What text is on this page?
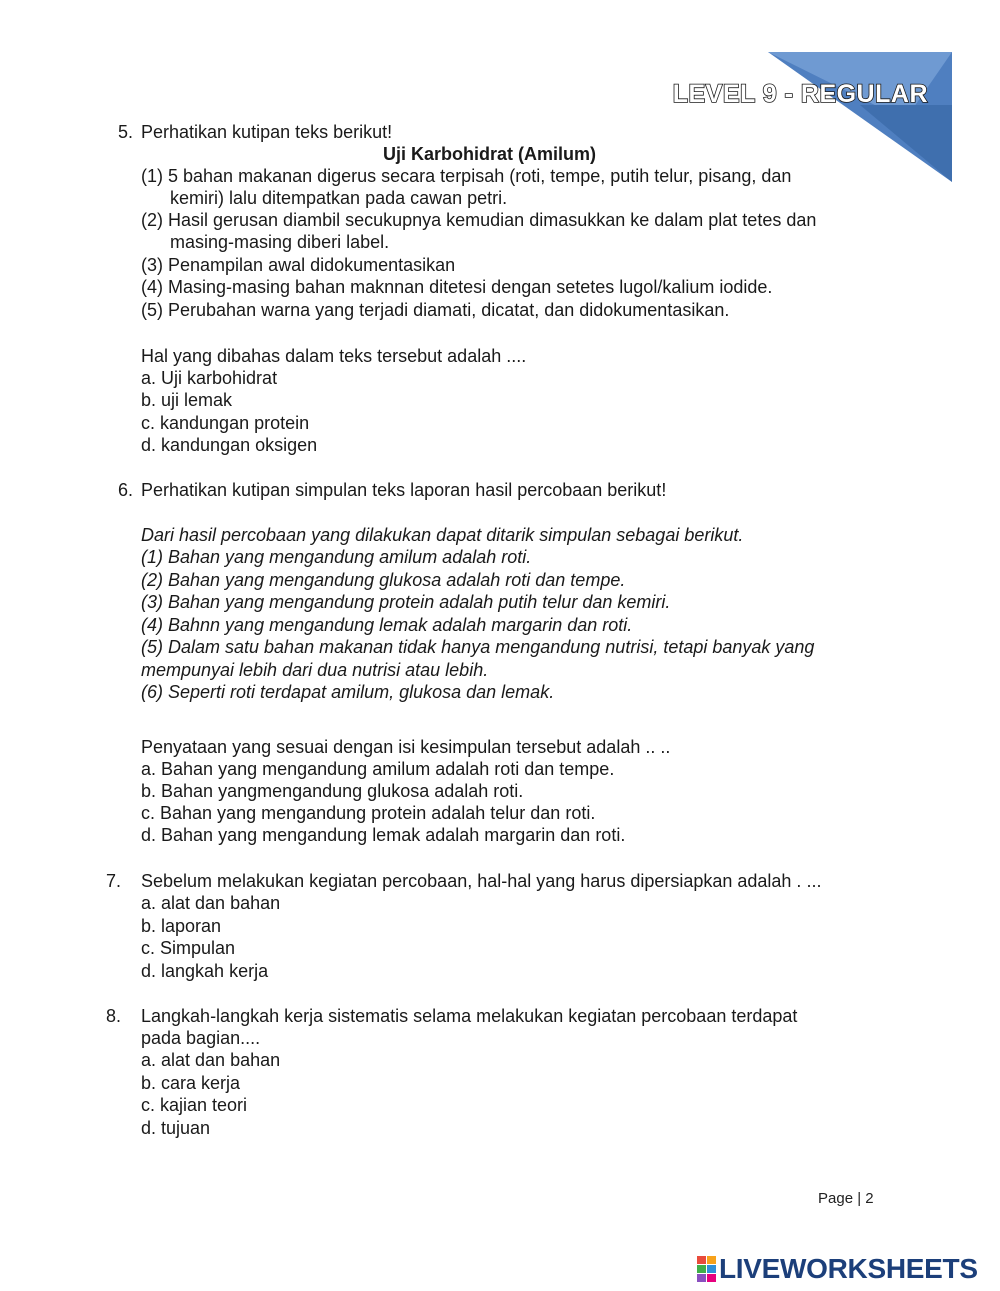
LEVEL 9 - REGULAR
5. Perhatikan kutipan teks berikut!
Uji Karbohidrat (Amilum)
(1) 5 bahan makanan digerus secara terpisah (roti, tempe, putih telur, pisang, dan
kemiri) lalu ditempatkan pada cawan petri.
(2) Hasil gerusan diambil secukupnya kemudian dimasukkan ke dalam plat tetes dan
masing-masing diberi label.
(3) Penampilan awal didokumentasikan
(4) Masing-masing bahan maknnan ditetesi dengan setetes lugol/kalium iodide.
(5) Perubahan warna yang terjadi diamati, dicatat, dan didokumentasikan.
Hal yang dibahas dalam teks tersebut adalah ....
a. Uji karbohidrat
b. uji lemak
c. kandungan protein
d. kandungan oksigen
6. Perhatikan kutipan simpulan teks laporan hasil percobaan berikut!
Dari hasil percobaan yang dilakukan dapat ditarik simpulan sebagai berikut.
(1) Bahan yang mengandung amilum adalah roti.
(2) Bahan yang mengandung glukosa adalah roti dan tempe.
(3) Bahan yang mengandung protein adalah putih telur dan kemiri.
(4) Bahnn yang mengandung lemak adalah margarin dan roti.
(5) Dalam satu bahan makanan tidak hanya mengandung nutrisi, tetapi banyak yang
mempunyai lebih dari dua nutrisi atau lebih.
(6) Seperti roti terdapat amilum, glukosa dan lemak.
Penyataan yang sesuai dengan isi kesimpulan tersebut adalah .. ..
a. Bahan yang mengandung amilum adalah roti dan tempe.
b. Bahan yangmengandung glukosa adalah roti.
c. Bahan yang mengandung protein adalah telur dan roti.
d. Bahan yang mengandung lemak adalah margarin dan roti.
7. Sebelum melakukan kegiatan percobaan, hal-hal yang harus dipersiapkan adalah . ...
a. alat dan bahan
b. laporan
c. Simpulan
d. langkah kerja
8. Langkah-langkah kerja sistematis selama melakukan kegiatan percobaan terdapat
pada bagian....
a. alat dan bahan
b. cara kerja
c. kajian teori
d. tujuan
Page | 2
LIVEWORKSHEETS
